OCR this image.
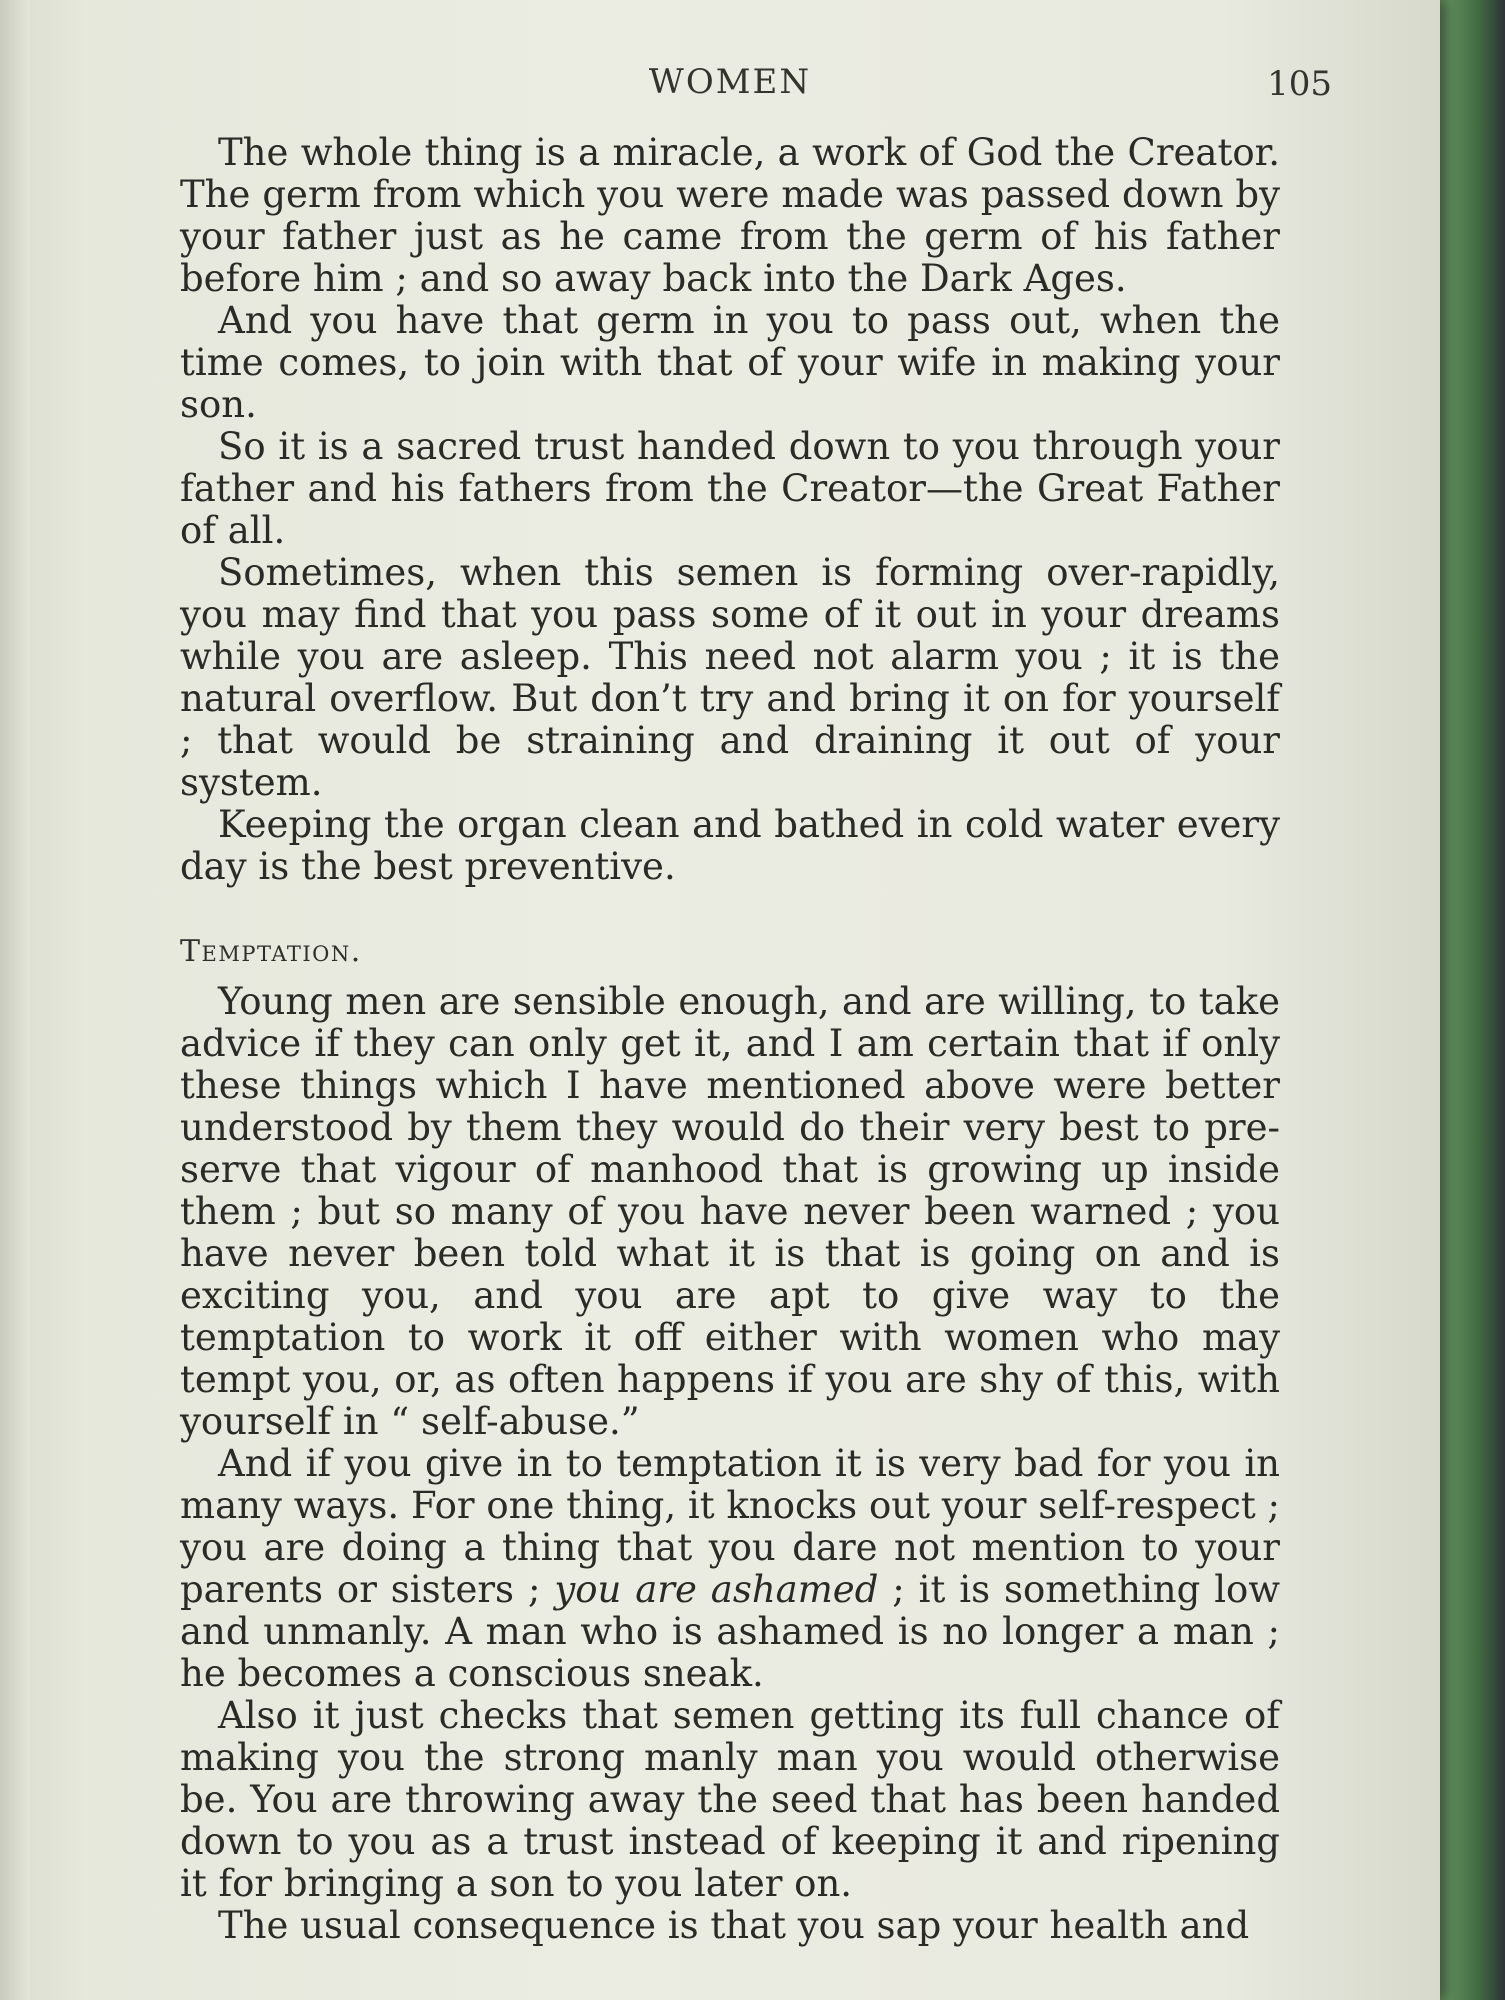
WOMEN	105

The whole thing is a miracle, a work of God the Creator. The germ from which you were made was passed down by your father just as he came from the germ of his father before him ; and so away back into the Dark Ages.

And you have that germ in you to pass out, when the time comes, to join with that of your wife in making your son.

So it is a sacred trust handed down to you through your father and his fathers from the Creator—the Great Father of all.

Sometimes, when this semen is forming over-rapidly, you may find that you pass some of it out in your dreams while you are asleep. This need not alarm you ; it is the natural overflow. But don’t try and bring it on for yourself ; that would be straining and draining it out of your system.

Keeping the organ clean and bathed in cold water every day is the best preventive.

Temptation.

Young men are sensible enough, and are willing, to take advice if they can only get it, and I am certain that if only these things which I have mentioned above were better understood by them they would do their very best to pre-serve that vigour of manhood that is growing up inside them ; but so many of you have never been warned ; you have never been told what it is that is going on and is exciting you, and you are apt to give way to the temptation to work it off either with women who may tempt you, or, as often happens if you are shy of this, with yourself in “ self-abuse.”

And if you give in to temptation it is very bad for you in many ways. For one thing, it knocks out your self-respect ; you are doing a thing that you dare not mention to your parents or sisters ; you are ashamed ; it is something low and unmanly. A man who is ashamed is no longer a man ; he becomes a conscious sneak.

Also it just checks that semen getting its full chance of making you the strong manly man you would otherwise be. You are throwing away the seed that has been handed down to you as a trust instead of keeping it and ripening it for bringing a son to you later on.

The usual consequence is that you sap your health and
